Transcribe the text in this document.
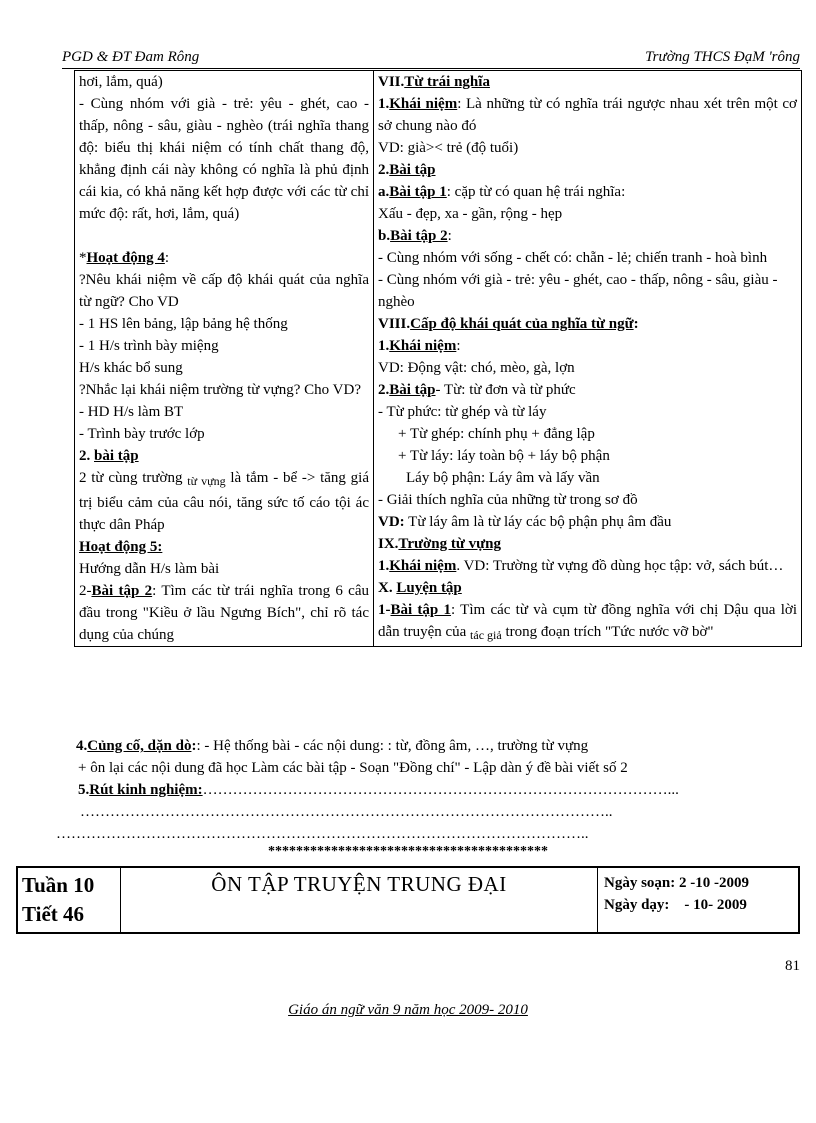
PGD & ĐT Đam Rông	Trường THCS ĐạM 'rông
hơi, lắm, quá)
- Cùng nhóm với già - trẻ: yêu - ghét, cao - thấp, nông - sâu, giàu - nghèo (trái nghĩa thang độ: biểu thị khái niệm có tính chất thang độ, khẳng định cái này không có nghĩa là phủ định cái kia, có khả năng kết hợp được với các từ chỉ mức độ: rất, hơi, lắm, quá)

*Hoạt động 4:
?Nêu khái niệm về cấp độ khái quát của nghĩa từ ngữ? Cho VD
- 1 HS lên bảng, lập bảng hệ thống
- 1 H/s trình bày miệng
H/s khác bổ sung
?Nhắc lại khái niệm trường từ vựng? Cho VD?
- HD H/s làm BT
- Trình bày trước lớp
2. bài tập
2 từ cùng trường $_{từ vựng}$ là tắm - bể -> tăng giá trị biểu cảm của câu nói, tăng sức tố cáo tội ác thực dân Pháp
Hoạt động 5:
Hướng dẫn H/s làm bài
2-Bài tập 2: Tìm các từ trái nghĩa trong 6 câu đầu trong "Kiều ở lầu Ngưng Bích", chỉ rõ tác dụng của chúng

VII.Từ trái nghĩa
1.Khái niệm: Là những từ có nghĩa trái ngược nhau xét trên một cơ sở chung nào đó
VD: già>< trẻ (độ tuổi)
2.Bài tập
a.Bài tập 1: cặp từ có quan hệ trái nghĩa:
Xấu - đẹp, xa - gần, rộng - hẹp
b.Bài tập 2:
- Cùng nhóm với sống - chết có: chẵn - lẻ; chiến tranh - hoà bình
- Cùng nhóm với già - trẻ: yêu - ghét, cao - thấp, nông - sâu, giàu - nghèo
VIII.Cấp độ khái quát của nghĩa từ ngữ:
1.Khái niệm:
VD: Động vật: chó, mèo, gà, lợn
2.Bài tập- Từ: từ đơn và từ phức
- Từ phức: từ ghép và từ láy
+ Từ ghép: chính phụ + đẳng lập
+ Từ láy: láy toàn bộ + láy bộ phận
Láy bộ phận: Láy âm và lấy vần
- Giải thích nghĩa của những từ trong sơ đồ
VD: Từ láy âm là từ láy các bộ phận phụ âm đầu
IX.Trường từ vựng
1.Khái niệm. VD: Trường từ vựng đồ dùng học tập: vở, sách bút…
X. Luyện tập
1-Bài tập 1: Tìm các từ và cụm từ đồng nghĩa với chị Dậu qua lời dẫn truyện của $_{tác giả}$ trong đoạn trích "Tức nước vỡ bờ"
4.Củng cố, dặn dò:: - Hệ thống bài - các nội dung: : từ, đồng âm, …, trường từ vựng
+ ôn lại các nội dung đã học Làm các bài tập - Soạn "Đồng chí" - Lập dàn ý đề bài viết số 2
5.Rút kinh nghiệm:…………………………………………………………………………………...
……………………………………………………………………………………………..
……………………………………………………………………………………………..
****************************************
Tuần 10
Tiết 46
	ÔN TẬP TRUYỆN TRUNG ĐẠI	Ngày soạn: 2 -10 -2009
Ngày dạy: - 10- 2009
81
Giáo án ngữ văn 9 năm học 2009- 2010
